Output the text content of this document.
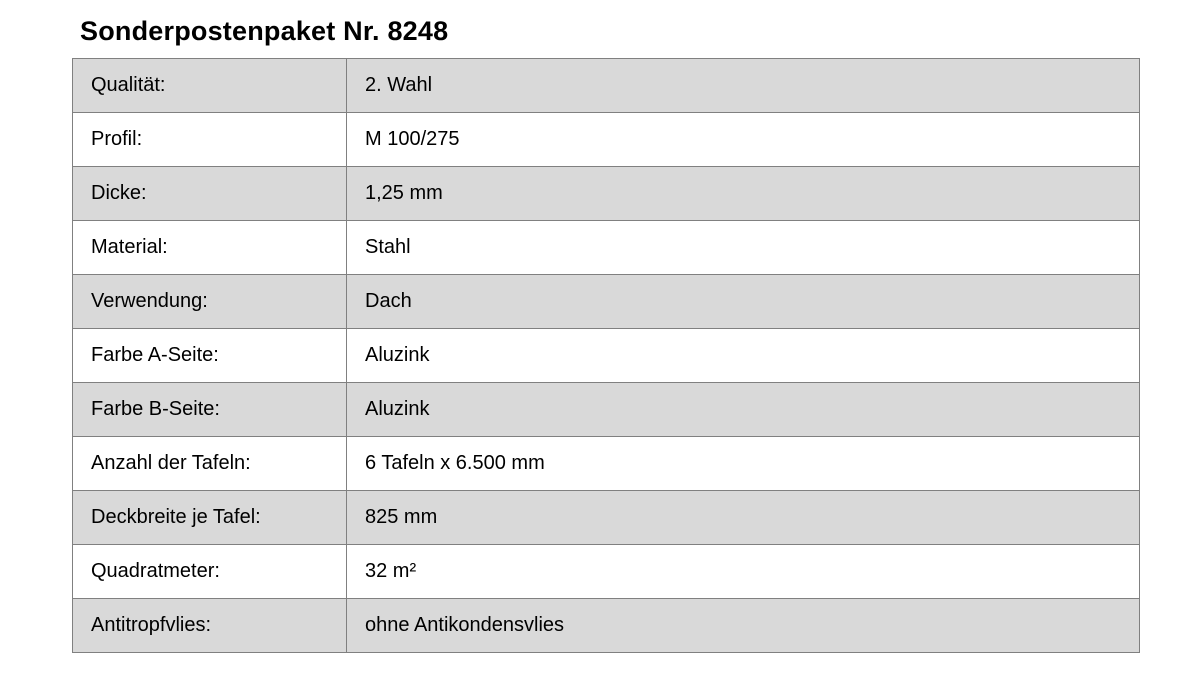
Sonderpostenpaket Nr. 8248
Qualität:	2. Wahl
Profil:	M 100/275
Dicke:	1,25 mm
Material:	Stahl
Verwendung:	Dach
Farbe A-Seite:	Aluzink
Farbe B-Seite:	Aluzink
Anzahl der Tafeln:	6 Tafeln x 6.500 mm
Deckbreite je Tafel:	825 mm
Quadratmeter:	32 m²
Antitropfvlies:	ohne Antikondensvlies
